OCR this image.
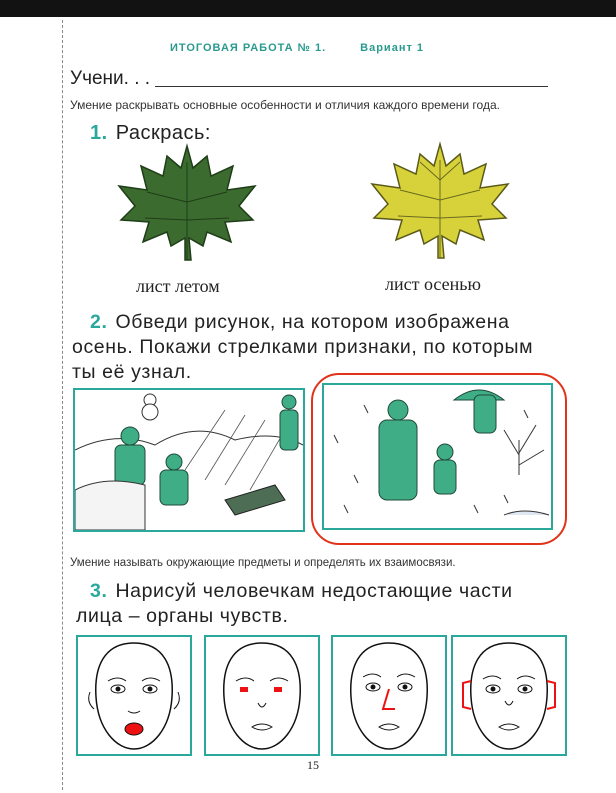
ИТОГОВАЯ РАБОТА № 1.	Вариант 1
Учени. . .
Умение раскрывать основные особенности и отличия каждого времени года.
1. Раскрась:
лист летом	лист осенью
2. Обведи рисунок, на котором изображена
осень. Покажи стрелками признаки, по которым
ты её узнал.
Умение называть окружающие предметы и определять их взаимосвязи.
3. Нарисуй человечкам недостающие части
лица – органы чувств.
15
